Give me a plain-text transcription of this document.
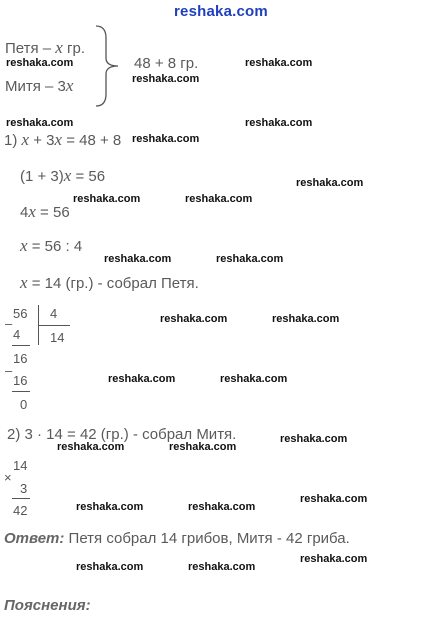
reshaka.com
Петя – x гр.
Митя – 3x
48 + 8 гр.
1) x + 3x = 48 + 8
(1 + 3)x = 56
4x = 56
x = 56 : 4
x = 14 (гр.) - собрал Петя.
–
56 4
4 14
16
–
16
0
2) 3 · 14 = 42 (гр.) - собрал Митя.
14
×
3
42
Ответ: Петя собрал 14 грибов, Митя - 42 гриба.
Пояснения:
reshaka.com
reshaka.com
reshaka.com
reshaka.com
reshaka.com
reshaka.com
reshaka.com
reshaka.com	reshaka.com
reshaka.com	reshaka.com
reshaka.com	reshaka.com
reshaka.com	reshaka.com
reshaka.com
reshaka.com	reshaka.com
reshaka.com
reshaka.com	reshaka.com
reshaka.com
reshaka.com	reshaka.com
